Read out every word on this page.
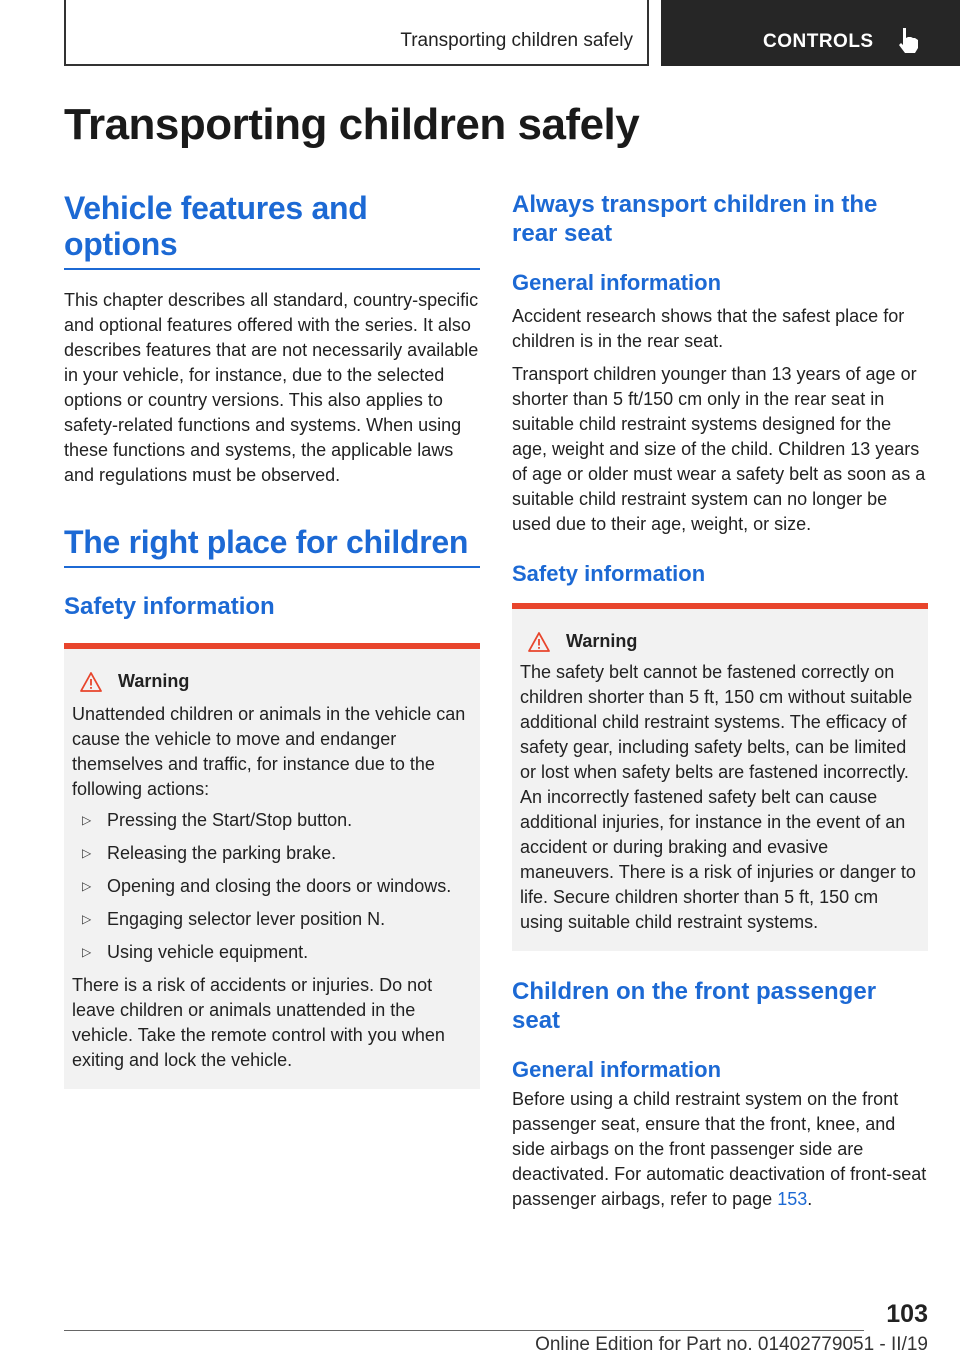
Transporting children safely	CONTROLS
Transporting children safely
Vehicle features and options

This chapter describes all standard, country-specific and optional features offered with the series. It also describes features that are not necessarily available in your vehicle, for instance, due to the selected options or country versions. This also applies to safety-related functions and systems. When using these functions and systems, the applicable laws and regulations must be observed.

The right place for children
Safety information
Warning

Unattended children or animals in the vehicle can cause the vehicle to move and endanger themselves and traffic, for instance due to the following actions:

▷ Pressing the Start/Stop button.
▷ Releasing the parking brake.
▷ Opening and closing the doors or windows.
▷ Engaging selector lever position N.
▷ Using vehicle equipment.

There is a risk of accidents or injuries. Do not leave children or animals unattended in the vehicle. Take the remote control with you when exiting and lock the vehicle.

Always transport children in the rear seat
General information

Accident research shows that the safest place for children is in the rear seat.

Transport children younger than 13 years of age or shorter than 5 ft/150 cm only in the rear seat in suitable child restraint systems designed for the age, weight and size of the child. Children 13 years of age or older must wear a safety belt as soon as a suitable child restraint system can no longer be used due to their age, weight, or size.

Safety information
Warning

The safety belt cannot be fastened correctly on children shorter than 5 ft, 150 cm without suitable additional child restraint systems. The efficacy of safety gear, including safety belts, can be limited or lost when safety belts are fastened incorrectly. An incorrectly fastened safety belt can cause additional injuries, for instance in the event of an accident or during braking and evasive maneuvers. There is a risk of injuries or danger to life. Secure children shorter than 5 ft, 150 cm using suitable child restraint systems.

Children on the front passenger seat
General information

Before using a child restraint system on the front passenger seat, ensure that the front, knee, and side airbags on the front passenger side are deactivated. For automatic deactivation of front-seat passenger airbags, refer to page 153.

103
Online Edition for Part no. 01402779051 - II/19
